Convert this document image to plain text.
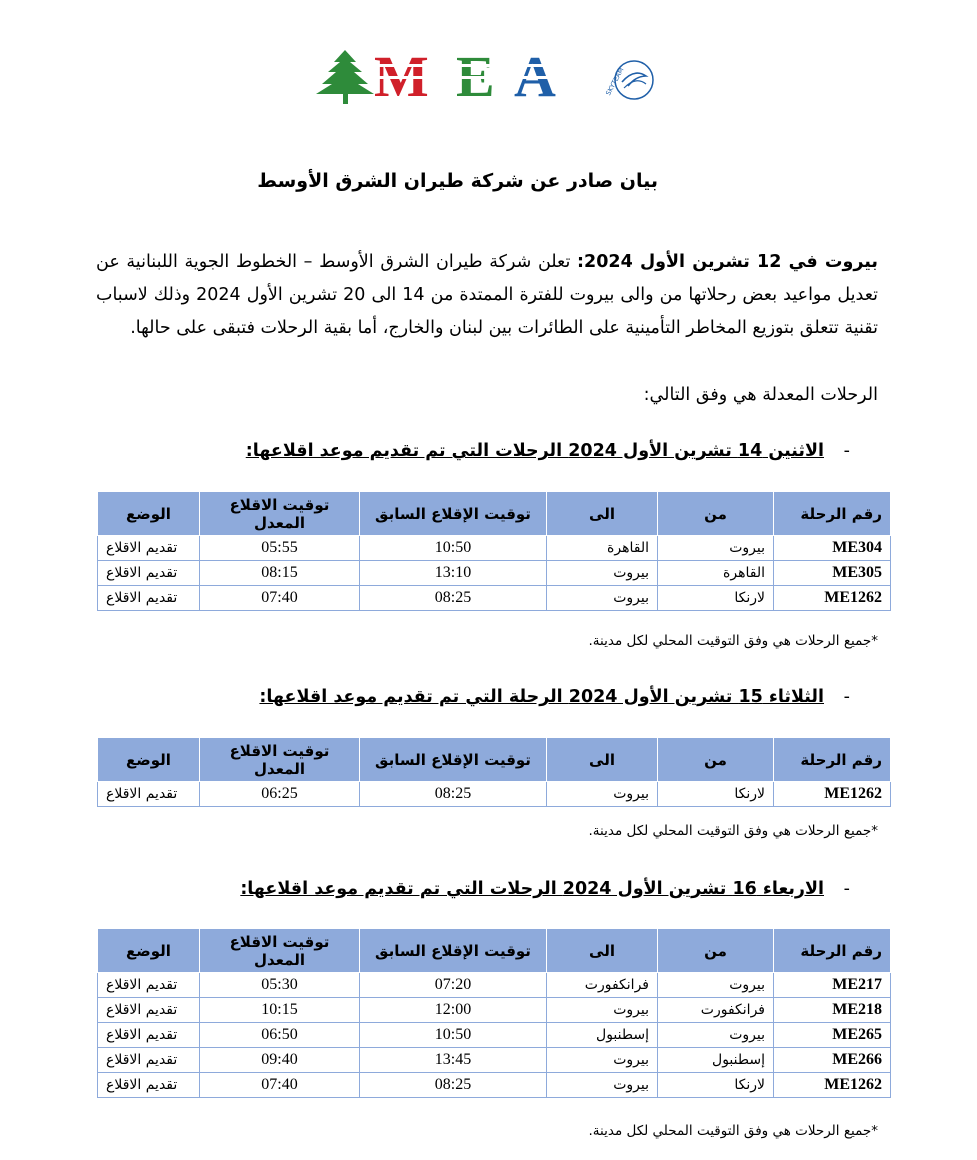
SKYTEAM
بيان صادر عن شركة طيران الشرق الأوسط
بيروت في 12 تشرين الأول 2024: تعلن شركة طيران الشرق الأوسط – الخطوط الجوية اللبنانية عن تعديل مواعيد بعض رحلاتها من والى بيروت للفترة الممتدة من 14 الى 20 تشرين الأول 2024 وذلك لاسباب تقنية تتعلق بتوزيع المخاطر التأمينية على الطائرات بين لبنان والخارج، أما بقية الرحلات فتبقى على حالها.
الرحلات المعدلة هي وفق التالي:
-الاثنين 14 تشرين الأول 2024 الرحلات التي تم تقديم موعد اقلاعها:
رقم الرحلة	من	الى	توقيت الإقلاع السابق	توقيت الاقلاع المعدل	الوضع
ME304	بيروت	القاهرة	10:50	05:55	تقديم الاقلاع
ME305	القاهرة	بيروت	13:10	08:15	تقديم الاقلاع
ME1262	لارنكا	بيروت	08:25	07:40	تقديم الاقلاع
*جميع الرحلات هي وفق التوقيت المحلي لكل مدينة.
-الثلاثاء 15 تشرين الأول 2024 الرحلة التي تم تقديم موعد اقلاعها:
رقم الرحلة	من	الى	توقيت الإقلاع السابق	توقيت الاقلاع المعدل	الوضع
ME1262	لارنكا	بيروت	08:25	06:25	تقديم الاقلاع
*جميع الرحلات هي وفق التوقيت المحلي لكل مدينة.
-الاربعاء 16 تشرين الأول 2024 الرحلات التي تم تقديم موعد اقلاعها:
رقم الرحلة	من	الى	توقيت الإقلاع السابق	توقيت الاقلاع المعدل	الوضع
ME217	بيروت	فرانكفورت	07:20	05:30	تقديم الاقلاع
ME218	فرانكفورت	بيروت	12:00	10:15	تقديم الاقلاع
ME265	بيروت	إسطنبول	10:50	06:50	تقديم الاقلاع
ME266	إسطنبول	بيروت	13:45	09:40	تقديم الاقلاع
ME1262	لارنكا	بيروت	08:25	07:40	تقديم الاقلاع
*جميع الرحلات هي وفق التوقيت المحلي لكل مدينة.
